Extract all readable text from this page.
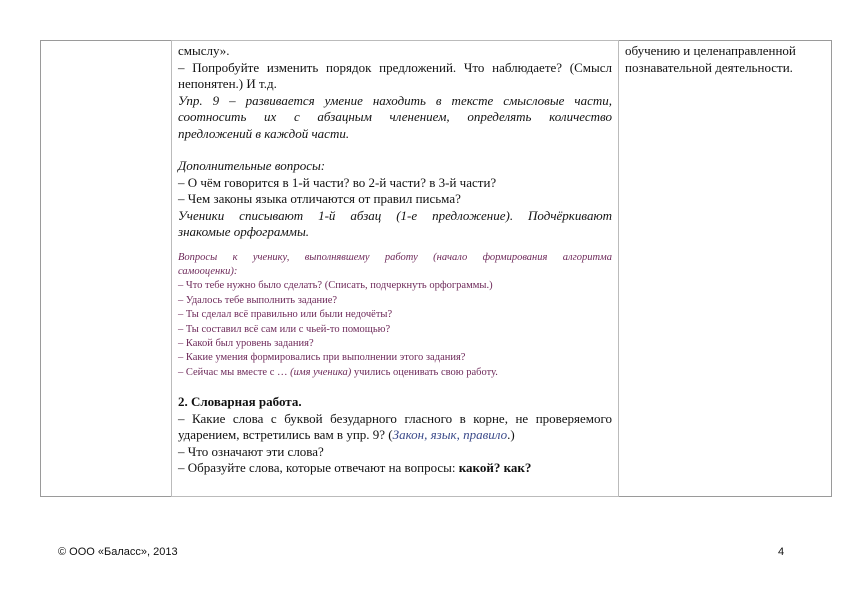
смыслу».
– Попробуйте изменить порядок предложений. Что наблюдаете? (Смысл
непонятен.) И т.д.
Упр. 9 – развивается умение находить в тексте смысловые части,
соотносить их с абзацным членением, определять количество
предложений в каждой части.
Дополнительные вопросы:
– О чём говорится в 1-й части? во 2-й части? в 3-й части?
– Чем законы языка отличаются от правил письма?
Ученики списывают 1-й абзац (1-е предложение). Подчёркивают
знакомые орфограммы.
Вопросы к ученику, выполнявшему работу (начало формирования алгоритма
самооценки):
– Что тебе нужно было сделать? (Списать, подчеркнуть орфограммы.)
– Удалось тебе выполнить задание?
– Ты сделал всё правильно или были недочёты?
– Ты составил всё сам или с чьей-то помощью?
– Какой был уровень задания?
– Какие умения формировались при выполнении этого задания?
– Сейчас мы вместе с … (имя ученика) учились оценивать свою работу.
2. Словарная работа.
– Какие слова с буквой безударного гласного в корне, не проверяемого
ударением, встретились вам в упр. 9? (Закон, язык, правило.)
– Что означают эти слова?
– Образуйте слова, которые отвечают на вопросы: какой? как?
обучению и целенаправленной
познавательной деятельности.
© ООО «Баласс», 2013	4
